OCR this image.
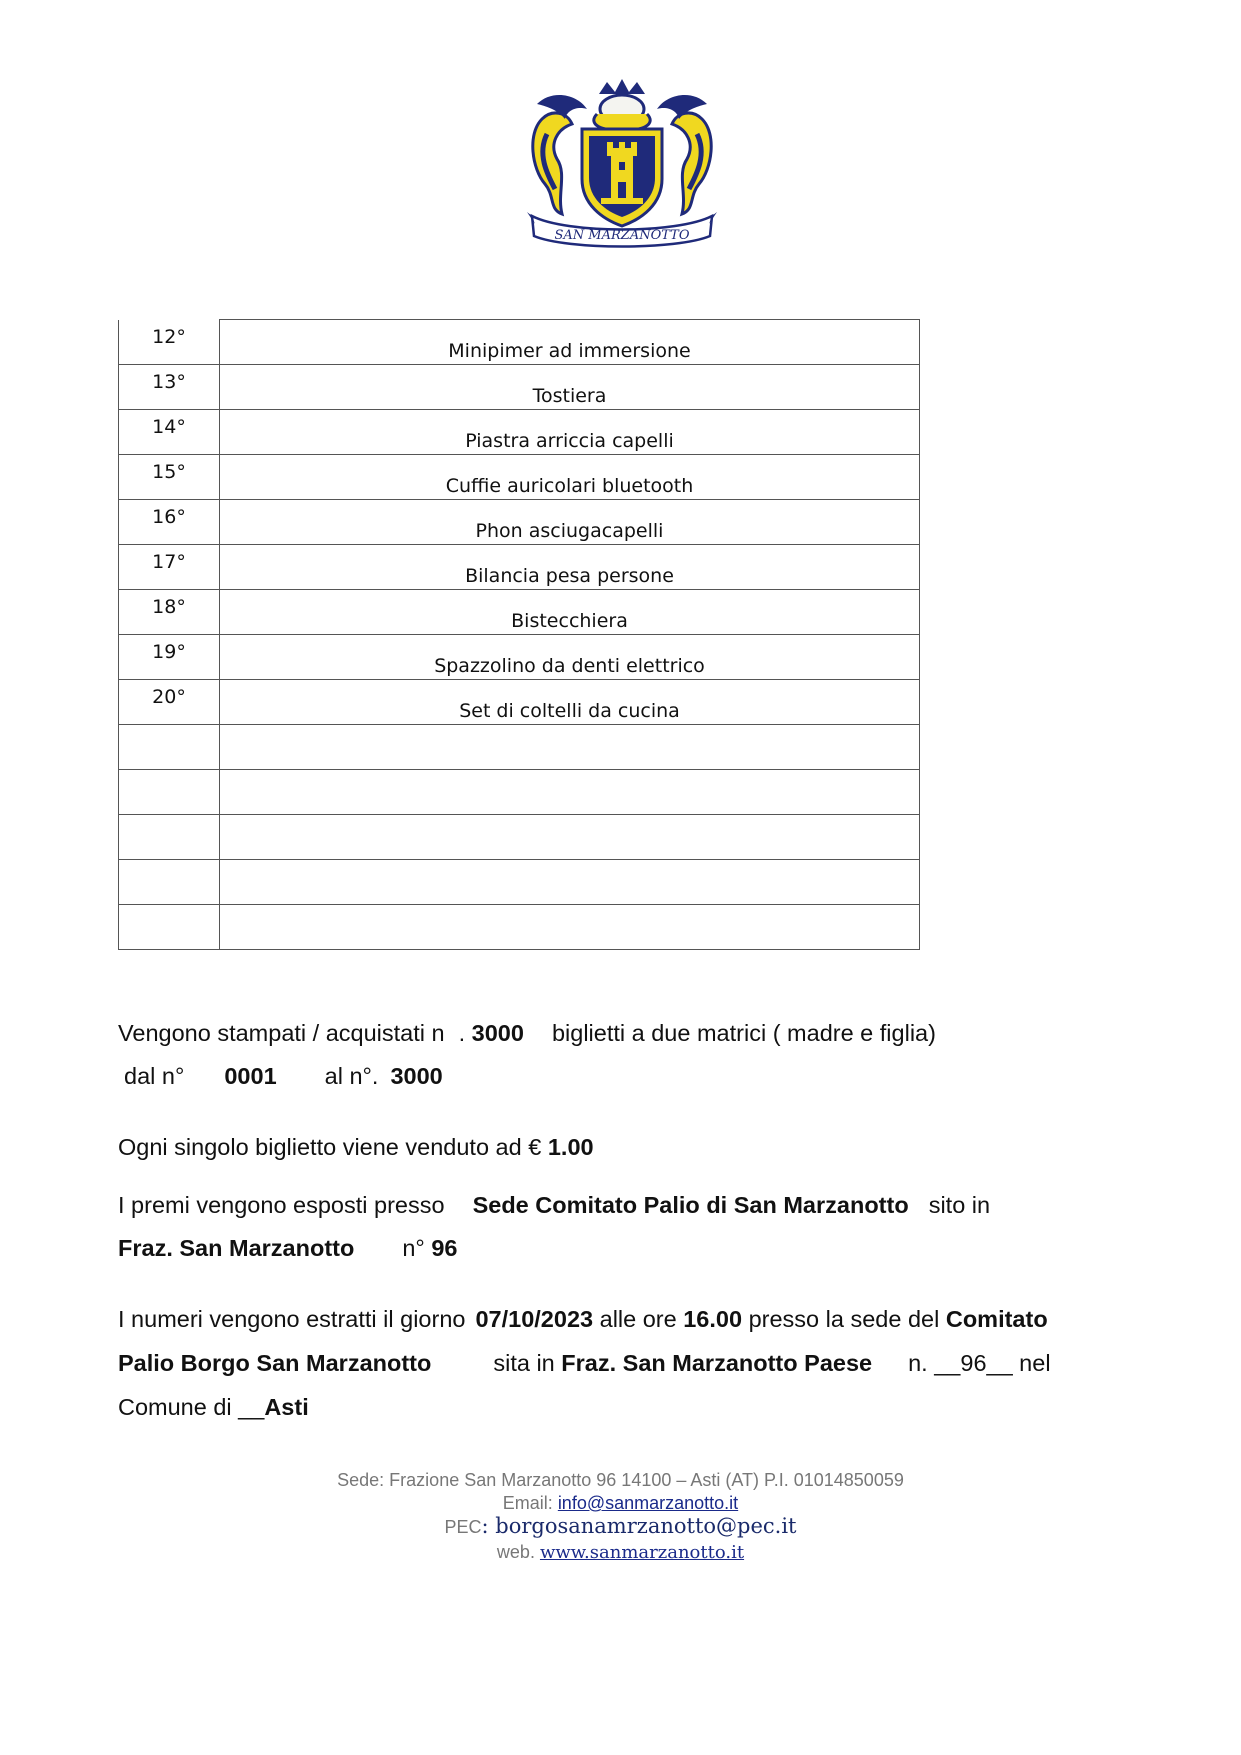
SAN MARZANOTTO
12°	Minipimer ad immersione
13°	Tostiera
14°	Piastra arriccia capelli
15°	Cuffie auricolari bluetooth
16°	Phon asciugacapelli
17°	Bilancia pesa persone
18°	Bistecchiera
19°	Spazzolino da denti elettrico
20°	Set di coltelli da cucina

Vengono stampati / acquistati n . 3000 biglietti a due matrici ( madre e figlia)
dal n° 0001 al n°. 3000
Ogni singolo biglietto viene venduto ad € 1.00
I premi vengono esposti presso Sede Comitato Palio di San Marzanotto sito in
Fraz. San Marzanotto n° 96
I numeri vengono estratti il giorno 07/10/2023 alle ore 16.00 presso la sede del Comitato
Palio Borgo San Marzanotto	sita in Fraz. San Marzanotto Paese n. __96__ nel
Comune di __Asti
Sede: Frazione San Marzanotto 96 14100 – Asti (AT) P.I. 01014850059
Email: info@sanmarzanotto.it
PEC: borgosanamrzanotto@pec.it
web. www.sanmarzanotto.it
